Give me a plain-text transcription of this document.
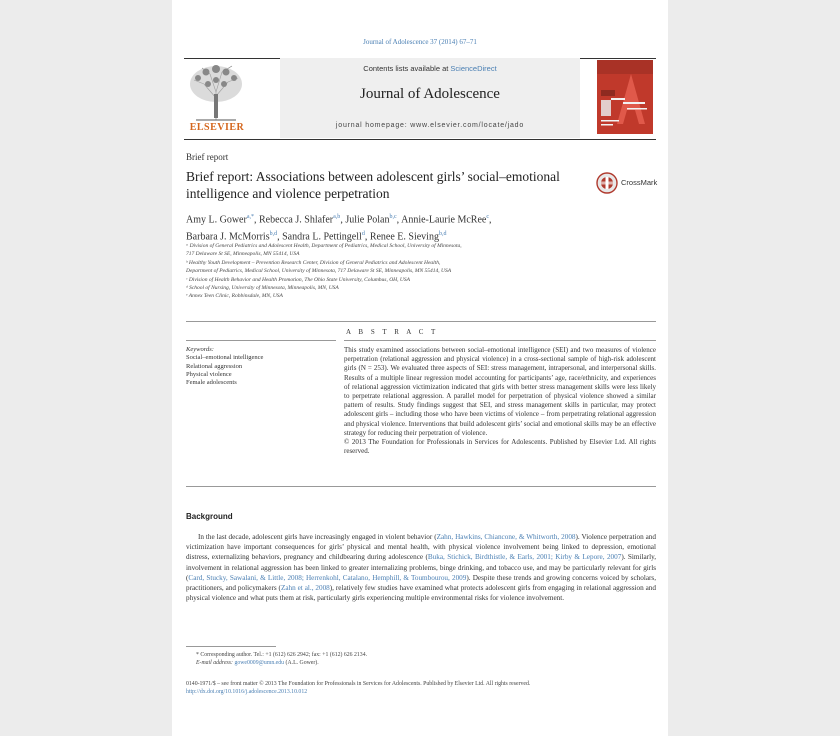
Journal of Adolescence 37 (2014) 67–71
ELSEVIER
Contents lists available at ScienceDirect
Journal of Adolescence
journal homepage: www.elsevier.com/locate/jado
Brief report
Brief report: Associations between adolescent girls’ social–emotional intelligence and violence perpetration
CrossMark
Amy L. Gower$^{a,*}$, Rebecca J. Shlafer$^{a,b}$, Julie Polan$^{b,c}$, Annie-Laurie McRee$^c$,
Barbara J. McMorris$^{b,d}$, Sandra L. Pettingell$^d$, Renee E. Sieving$^{b,d}$
ᵃ Division of General Pediatrics and Adolescent Health, Department of Pediatrics, Medical School, University of Minnesota,
717 Delaware St SE, Minneapolis, MN 55414, USA
ᵇ Healthy Youth Development – Prevention Research Center, Division of General Pediatrics and Adolescent Health,
Department of Pediatrics, Medical School, University of Minnesota, 717 Delaware St SE, Minneapolis, MN 55414, USA
ᶜ Division of Health Behavior and Health Promotion, The Ohio State University, Columbus, OH, USA
ᵈ School of Nursing, University of Minnesota, Minneapolis, MN, USA
ᵉ Annex Teen Clinic, Robbinsdale, MN, USA
A B S T R A C T
Keywords:
Social–emotional intelligence
Relational aggression
Physical violence
Female adolescents
This study examined associations between social–emotional intelligence (SEI) and two measures of violence perpetration (relational aggression and physical violence) in a cross-sectional sample of high-risk adolescent girls (N = 253). We evaluated three aspects of SEI: stress management, intrapersonal, and interpersonal skills. Results of a multiple linear regression model accounting for participants’ age, race/ethnicity, and experiences of relational aggression victimization indicated that girls with better stress management skills were less likely to perpetrate relational aggression. A parallel model for perpetration of physical violence showed a similar pattern of results. Study findings suggest that SEI, and stress management skills in particular, may protect adolescent girls – including those who have been victims of violence – from perpetrating relational aggression and physical violence. Interventions that build adolescent girls’ social and emotional skills may be an effective strategy for reducing their perpetration of violence.
© 2013 The Foundation for Professionals in Services for Adolescents. Published by Elsevier Ltd. All rights reserved.
Background
In the last decade, adolescent girls have increasingly engaged in violent behavior (Zahn, Hawkins, Chiancone, & Whitworth, 2008). Violence perpetration and victimization have important consequences for girls’ physical and mental health, with physical violence involvement being linked to depression, emotional distress, externalizing behaviors, pregnancy and childbearing during adolescence (Buka, Stichick, Birdthistle, & Earls, 2001; Kirby & Lepore, 2007). Similarly, involvement in relational aggression has been linked to greater internalizing problems, binge drinking, and tobacco use, and may be particularly relevant for girls (Card, Stucky, Sawalani, & Little, 2008; Herrenkohl, Catalano, Hemphill, & Toumbourou, 2009). Despite these trends and growing concerns voiced by scholars, practitioners, and policymakers (Zahn et al., 2008), relatively few studies have examined what protects adolescent girls from engaging in relational aggression and physical violence and what puts them at risk, particularly girls experiencing multiple environmental risks for violence involvement.
* Corresponding author. Tel.: +1 (612) 626 2942; fax: +1 (612) 626 2134.
E-mail address: gowe0009@umn.edu (A.L. Gower).
0140-1971/$ – see front matter © 2013 The Foundation for Professionals in Services for Adolescents. Published by Elsevier Ltd. All rights reserved.
http://dx.doi.org/10.1016/j.adolescence.2013.10.012
